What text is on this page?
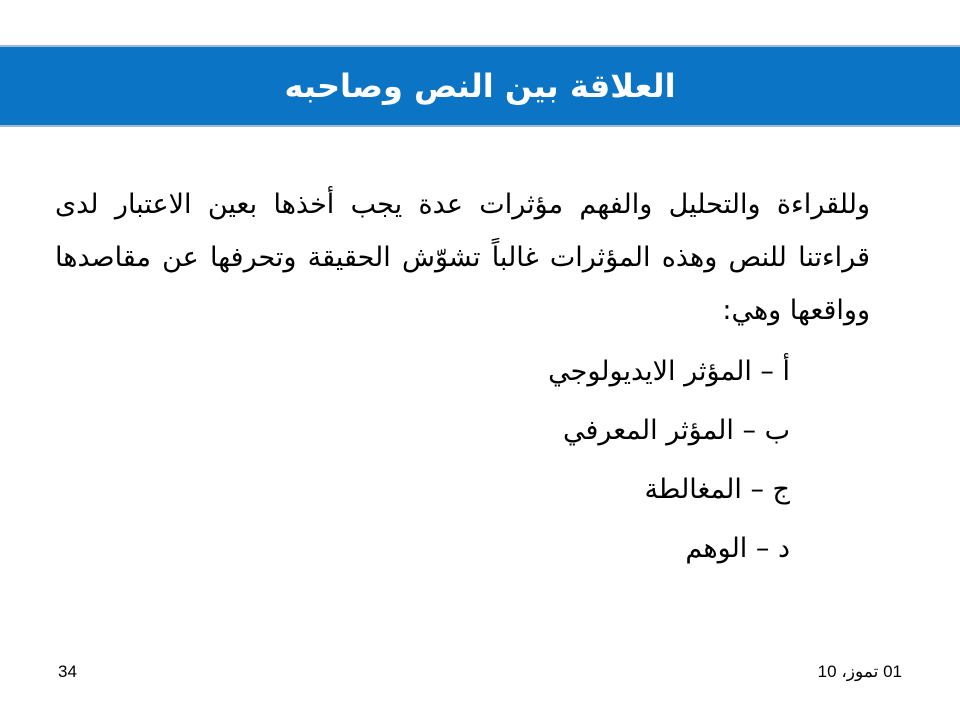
العلاقة بين النص وصاحبه

وللقراءة والتحليل والفهم مؤثرات عدة يجب أخذها بعين الاعتبار لدى قراءتنا للنص وهذه المؤثرات غالباً تشوّش الحقيقة وتحرفها عن مقاصدها وواقعها وهي:

أ – المؤثر الايديولوجي
ب – المؤثر المعرفي
ج – المغالطة
د – الوهم
34	01 تموز، 10
